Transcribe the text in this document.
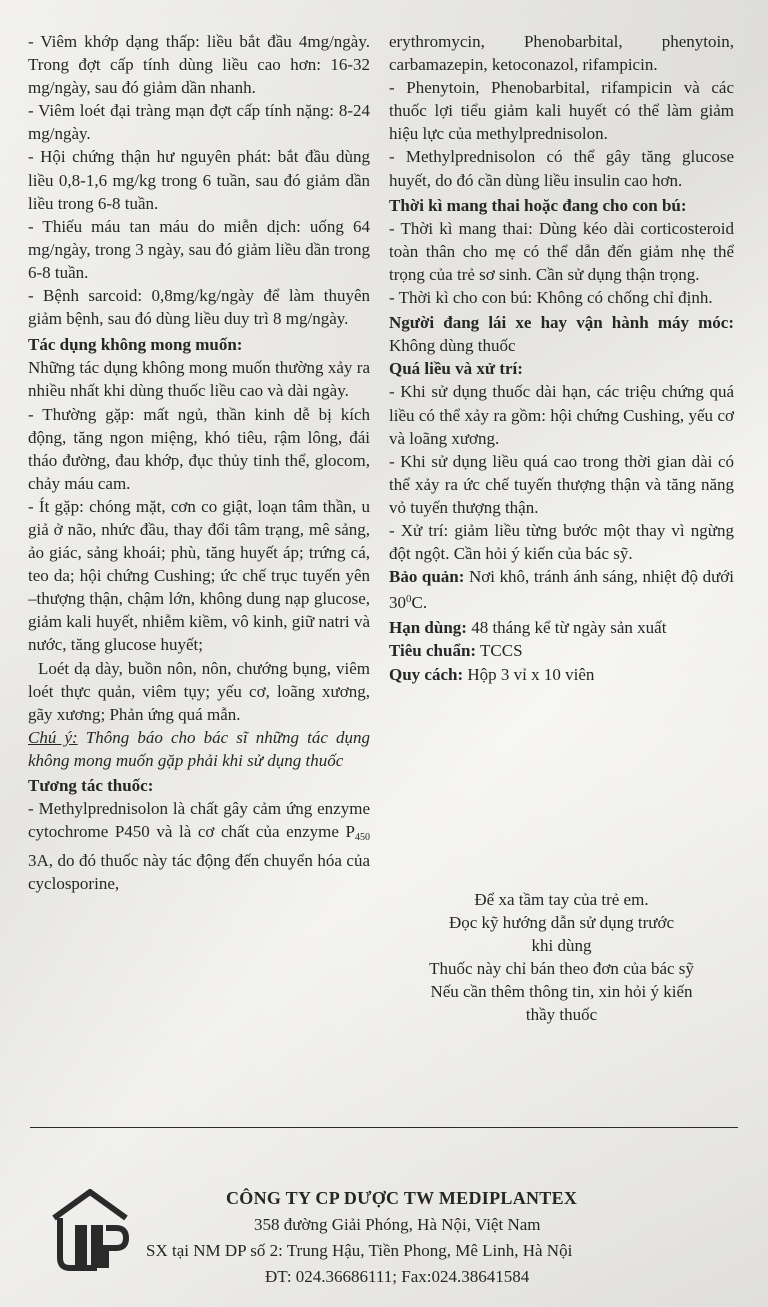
- Viêm khớp dạng thấp: liều bắt đầu 4mg/ngày. Trong đợt cấp tính dùng liều cao hơn: 16-32 mg/ngày, sau đó giảm dần nhanh.

- Viêm loét đại tràng mạn đợt cấp tính nặng: 8-24 mg/ngày.

- Hội chứng thận hư nguyên phát: bắt đầu dùng liều 0,8-1,6 mg/kg trong 6 tuần, sau đó giảm dần liều trong 6-8 tuần.

- Thiếu máu tan máu do miễn dịch: uống 64 mg/ngày, trong 3 ngày, sau đó giảm liều dần trong 6-8 tuần.

- Bệnh sarcoid: 0,8mg/kg/ngày để làm thuyên giảm bệnh, sau đó dùng liều duy trì 8 mg/ngày.

Tác dụng không mong muốn:

Những tác dụng không mong muốn thường xảy ra nhiều nhất khi dùng thuốc liều cao và dài ngày.

- Thường gặp: mất ngủ, thần kinh dễ bị kích động, tăng ngon miệng, khó tiêu, rậm lông, đái tháo đường, đau khớp, đục thủy tinh thể, glocom, chảy máu cam.

- Ít gặp: chóng mặt, cơn co giật, loạn tâm thần, u giả ở não, nhức đầu, thay đổi tâm trạng, mê sảng, ảo giác, sảng khoái; phù, tăng huyết áp; trứng cá, teo da; hội chứng Cushing; ức chế trục tuyến yên –thượng thận, chậm lớn, không dung nạp glucose, giảm kali huyết, nhiễm kiềm, vô kinh, giữ natri và nước, tăng glucose huyết;

Loét dạ dày, buồn nôn, nôn, chướng bụng, viêm loét thực quản, viêm tụy; yếu cơ, loãng xương, gãy xương; Phản ứng quá mẫn.

Chú ý: Thông báo cho bác sĩ những tác dụng không mong muốn gặp phải khi sử dụng thuốc

Tương tác thuốc:

- Methylprednisolon là chất gây cảm ứng enzyme cytochrome P450 và là cơ chất của enzyme $P_{450}$ 3A, do đó thuốc này tác động đến chuyển hóa của cyclosporine,

erythromycin, Phenobarbital, phenytoin, carbamazepin, ketoconazol, rifampicin.

- Phenytoin, Phenobarbital, rifampicin và các thuốc lợi tiểu giảm kali huyết có thể làm giảm hiệu lực của methylprednisolon.

- Methylprednisolon có thể gây tăng glucose huyết, do đó cần dùng liều insulin cao hơn.

Thời kì mang thai hoặc đang cho con bú:

- Thời kì mang thai: Dùng kéo dài corticosteroid toàn thân cho mẹ có thể dẫn đến giảm nhẹ thể trọng của trẻ sơ sinh. Cần sử dụng thận trọng.

- Thời kì cho con bú: Không có chống chỉ định.

Người đang lái xe hay vận hành máy móc: Không dùng thuốc

Quá liều và xử trí:

- Khi sử dụng thuốc dài hạn, các triệu chứng quá liều có thể xảy ra gồm: hội chứng Cushing, yếu cơ và loãng xương.

- Khi sử dụng liều quá cao trong thời gian dài có thể xảy ra ức chế tuyến thượng thận và tăng năng vỏ tuyến thượng thận.

- Xử trí: giảm liều từng bước một thay vì ngừng đột ngột. Cần hỏi ý kiến của bác sỹ.

Bảo quản: Nơi khô, tránh ánh sáng, nhiệt độ dưới $30^0C$.

Hạn dùng: 48 tháng kể từ ngày sản xuất

Tiêu chuẩn: TCCS

Quy cách: Hộp 3 vỉ x 10 viên

Để xa tầm tay của trẻ em.

Đọc kỹ hướng dẫn sử dụng trước

khi dùng

Thuốc này chỉ bán theo đơn của bác sỹ

Nếu cần thêm thông tin, xin hỏi ý kiến

thầy thuốc

CÔNG TY CP DƯỢC TW MEDIPLANTEX
358 đường Giải Phóng, Hà Nội, Việt Nam
SX tại NM DP số 2: Trung Hậu, Tiền Phong, Mê Linh, Hà Nội
ĐT: 024.36686111; Fax:024.38641584
